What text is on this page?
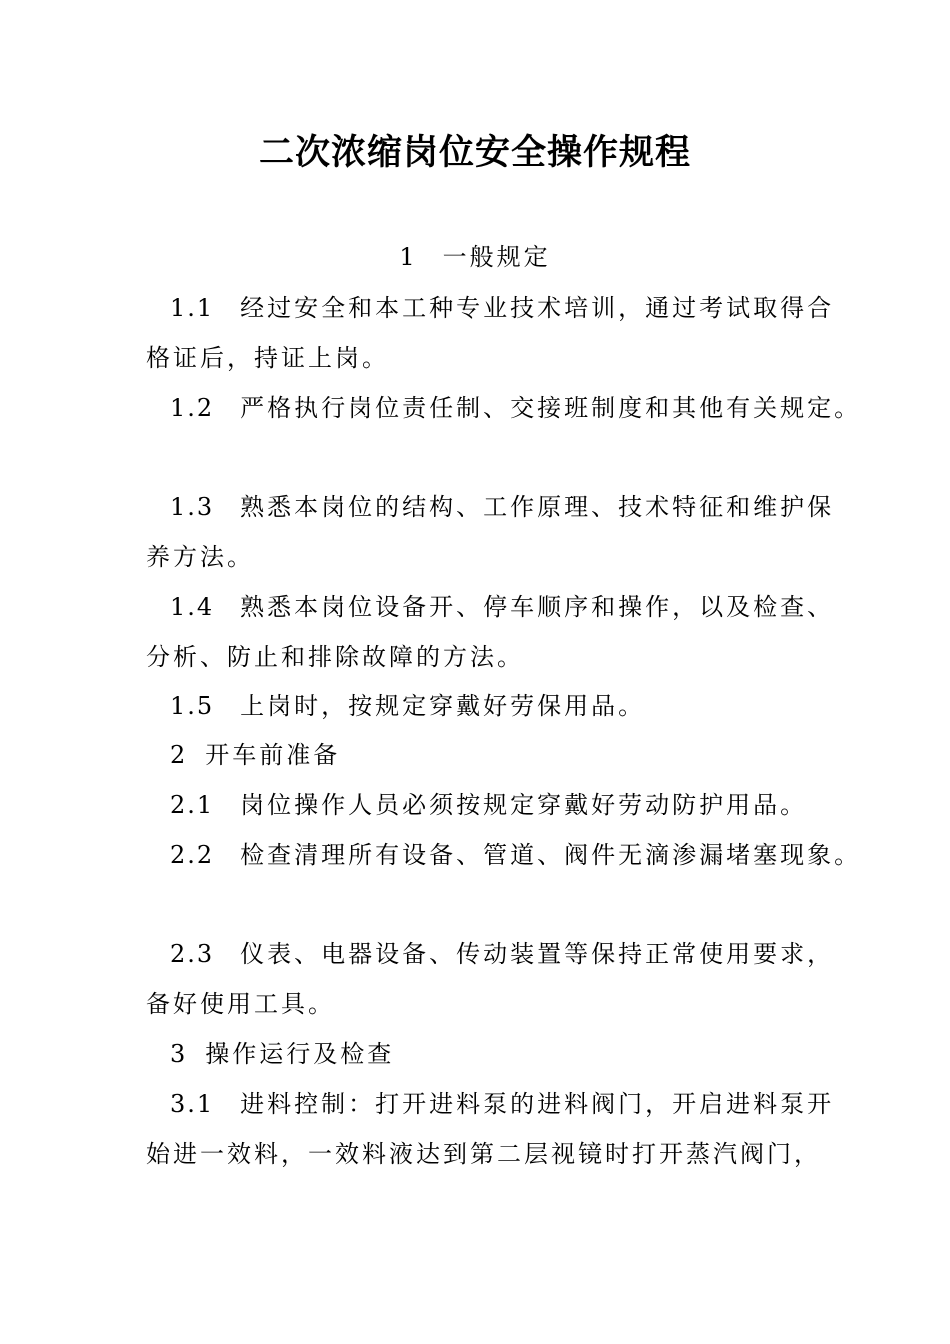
二次浓缩岗位安全操作规程
1 一般规定
1.1 经过安全和本工种专业技术培训，通过考试取得合
格证后，持证上岗。
1.2 严格执行岗位责任制、交接班制度和其他有关规定。
1.3 熟悉本岗位的结构、工作原理、技术特征和维护保
养方法。
1.4 熟悉本岗位设备开、停车顺序和操作，以及检查、
分析、防止和排除故障的方法。
1.5 上岗时，按规定穿戴好劳保用品。
2 开车前准备
2.1 岗位操作人员必须按规定穿戴好劳动防护用品。
2.2 检查清理所有设备、管道、阀件无滴渗漏堵塞现象。
2.3 仪表、电器设备、传动装置等保持正常使用要求，
备好使用工具。
3 操作运行及检查
3.1 进料控制：打开进料泵的进料阀门，开启进料泵开
始进一效料，一效料液达到第二层视镜时打开蒸汽阀门，
